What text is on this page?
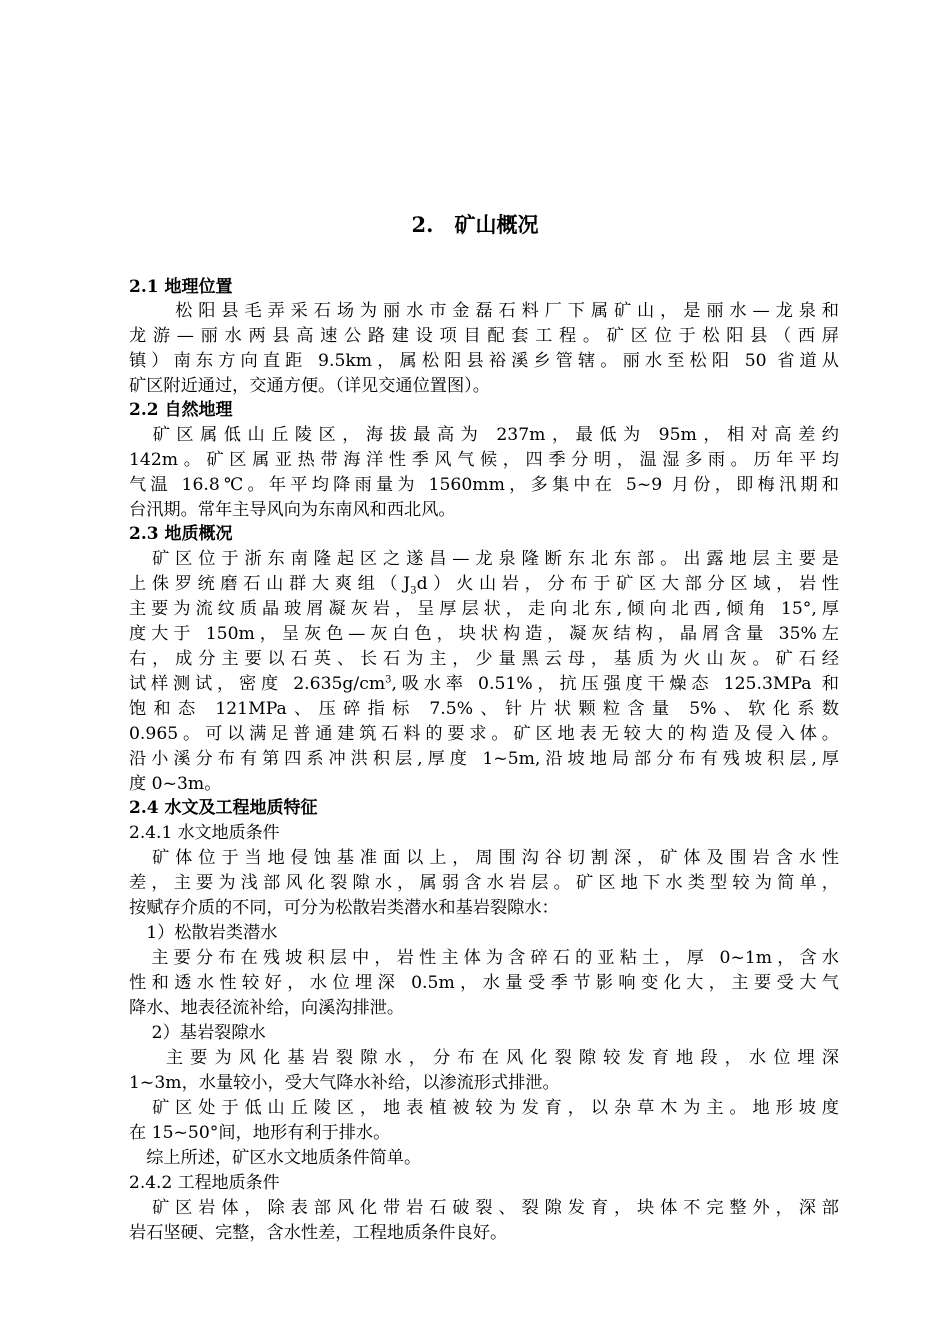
2.　矿山概况
2.1 地理位置
　　松阳县毛弄采石场为丽水市金磊石料厂下属矿山，是丽水—龙泉和
龙游—丽水两县高速公路建设项目配套工程。矿区位于松阳县（西屏
镇）南东方向直距 9.5km，属松阳县裕溪乡管辖。丽水至松阳 50 省道从
矿区附近通过，交通方便。（详见交通位置图）。
2.2 自然地理
　矿区属低山丘陵区，海拔最高为 237m，最低为 95m，相对高差约
142m。矿区属亚热带海洋性季风气候，四季分明，温湿多雨。历年平均
气温 16.8℃。年平均降雨量为 1560mm，多集中在 5~9 月份，即梅汛期和
台汛期。常年主导风向为东南风和西北风。
2.3 地质概况
　矿区位于浙东南隆起区之遂昌—龙泉隆断东北东部。出露地层主要是
上侏罗统磨石山群大爽组$(J_3d)$火山岩，分布于矿区大部分区域，岩性
主要为流纹质晶玻屑凝灰岩，呈厚层状，走向北东,倾向北西,倾角 15°,厚
度大于 150m，呈灰色—灰白色，块状构造，凝灰结构，晶屑含量 35%左
右，成分主要以石英、长石为主，少量黑云母，基质为火山灰。矿石经
试样测试，密度 $2.635g/cm^3$,吸水率 0.51%，抗压强度干燥态 125.3MPa 和
饱和态 121MPa、压碎指标 7.5%、针片状颗粒含量 5%、软化系数
0.965。可以满足普通建筑石料的要求。矿区地表无较大的构造及侵入体。
沿小溪分布有第四系冲洪积层,厚度 1~5m,沿坡地局部分布有残坡积层,厚
度 0~3m。
2.4 水文及工程地质特征
2.4.1 水文地质条件
　矿体位于当地侵蚀基准面以上，周围沟谷切割深，矿体及围岩含水性
差，主要为浅部风化裂隙水，属弱含水岩层。矿区地下水类型较为简单，
按赋存介质的不同，可分为松散岩类潜水和基岩裂隙水：
　1）松散岩类潜水
　主要分布在残坡积层中，岩性主体为含碎石的亚粘土，厚 0~1m，含水
性和透水性较好，水位埋深 0.5m，水量受季节影响变化大，主要受大气
降水、地表径流补给，向溪沟排泄。
　 2）基岩裂隙水
　 主要为风化基岩裂隙水，分布在风化裂隙较发育地段，水位埋深
1~3m，水量较小，受大气降水补给，以渗流形式排泄。
　矿区处于低山丘陵区，地表植被较为发育，以杂草木为主。地形坡度
在 15~50°间，地形有利于排水。
　综上所述，矿区水文地质条件简单。
2.4.2 工程地质条件
　矿区岩体，除表部风化带岩石破裂、裂隙发育，块体不完整外，深部
岩石坚硬、完整，含水性差，工程地质条件良好。
